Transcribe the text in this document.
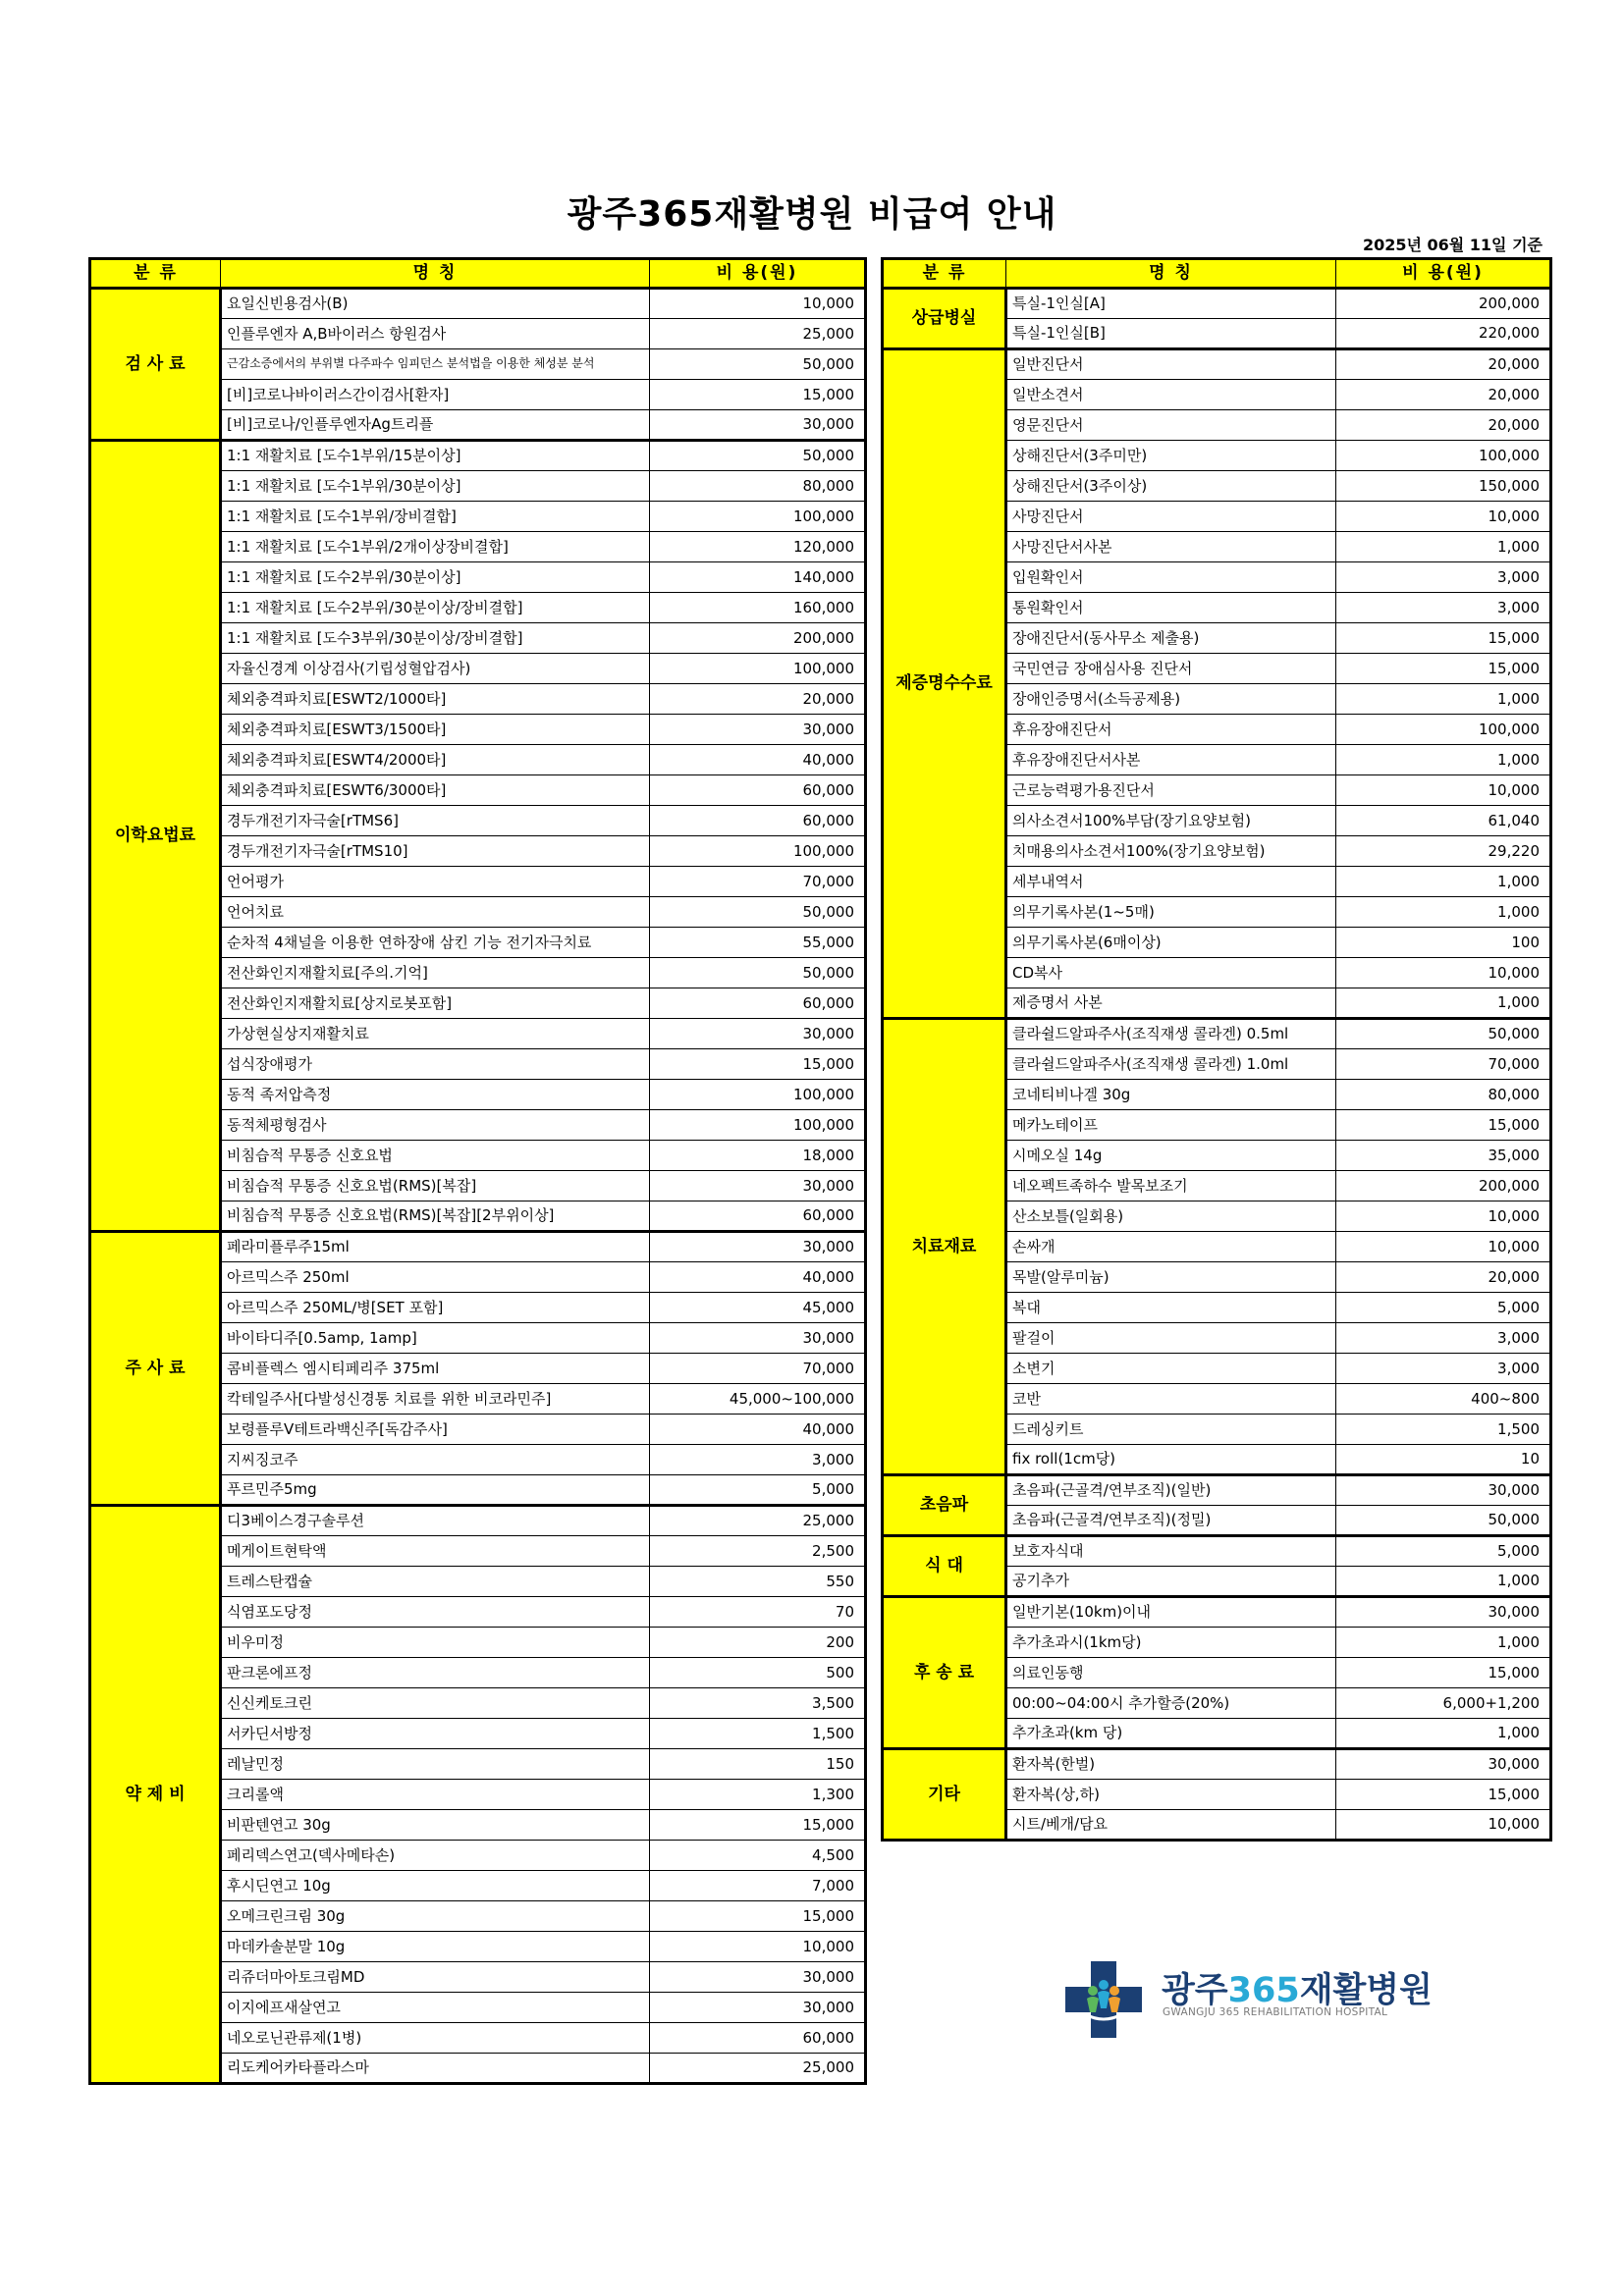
광주365재활병원 비급여 안내
2025년 06월 11일 기준
분 류	명 칭	비 용(원)
검 사 료	요일신빈용검사(B)	10,000
	인플루엔자 A,B바이러스 항원검사	25,000
	근감소증에서의 부위별 다주파수 임피던스 분석법을 이용한 체성분 분석	50,000
	[비]코로나바이러스간이검사[환자]	15,000
	[비]코로나/인플루엔자Ag트리플	30,000
이학요법료	1:1 재활치료 [도수1부위/15분이상]	50,000
	1:1 재활치료 [도수1부위/30분이상]	80,000
	1:1 재활치료 [도수1부위/장비결합]	100,000
	1:1 재활치료 [도수1부위/2개이상장비결합]	120,000
	1:1 재활치료 [도수2부위/30분이상]	140,000
	1:1 재활치료 [도수2부위/30분이상/장비결합]	160,000
	1:1 재활치료 [도수3부위/30분이상/장비결합]	200,000
	자율신경계 이상검사(기립성혈압검사)	100,000
	체외충격파치료[ESWT2/1000타]	20,000
	체외충격파치료[ESWT3/1500타]	30,000
	체외충격파치료[ESWT4/2000타]	40,000
	체외충격파치료[ESWT6/3000타]	60,000
	경두개전기자극술[rTMS6]	60,000
	경두개전기자극술[rTMS10]	100,000
	언어평가	70,000
	언어치료	50,000
	순차적 4채널을 이용한 연하장애 삼킨 기능 전기자극치료	55,000
	전산화인지재활치료[주의.기억]	50,000
	전산화인지재활치료[상지로봇포함]	60,000
	가상현실상지재활치료	30,000
	섭식장애평가	15,000
	동적 족저압측정	100,000
	동적체평형검사	100,000
	비침습적 무통증 신호요법	18,000
	비침습적 무통증 신호요법(RMS)[복잡]	30,000
	비침습적 무통증 신호요법(RMS)[복잡][2부위이상]	60,000
주 사 료	페라미플루주15ml	30,000
	아르믹스주 250ml	40,000
	아르믹스주 250ML/병[SET 포함]	45,000
	바이타디주[0.5amp, 1amp]	30,000
	콤비플렉스 엠시티페리주 375ml	70,000
	칵테일주사[다발성신경통 치료를 위한 비코라민주]	45,000~100,000
	보령플루V테트라백신주[독감주사]	40,000
	지씨징코주	3,000
	푸르민주5mg	5,000
약 제 비	디3베이스경구솔루션	25,000
	메게이트현탁액	2,500
	트레스탄캡슐	550
	식염포도당정	70
	비우미정	200
	판크론에프정	500
	신신케토크린	3,500
	서카딘서방정	1,500
	레날민정	150
	크리롤액	1,300
	비판텐연고 30g	15,000
	페리덱스연고(덱사메타손)	4,500
	후시딘연고 10g	7,000
	오메크린크림 30g	15,000
	마데카솔분말 10g	10,000
	리쥬더마아토크림MD	30,000
	이지에프새살연고	30,000
	네오로닌관류제(1병)	60,000
	리도케어카타플라스마	25,000
분 류	명 칭	비 용(원)
상급병실	특실-1인실[A]	200,000
	특실-1인실[B]	220,000
제증명수수료	일반진단서	20,000
	일반소견서	20,000
	영문진단서	20,000
	상해진단서(3주미만)	100,000
	상해진단서(3주이상)	150,000
	사망진단서	10,000
	사망진단서사본	1,000
	입원확인서	3,000
	통원확인서	3,000
	장애진단서(동사무소 제출용)	15,000
	국민연금 장애심사용 진단서	15,000
	장애인증명서(소득공제용)	1,000
	후유장애진단서	100,000
	후유장애진단서사본	1,000
	근로능력평가용진단서	10,000
	의사소견서100%부담(장기요양보험)	61,040
	치매용의사소견서100%(장기요양보험)	29,220
	세부내역서	1,000
	의무기록사본(1~5매)	1,000
	의무기록사본(6매이상)	100
	CD복사	10,000
	제증명서 사본	1,000
치료재료	클라쉴드알파주사(조직재생 콜라겐) 0.5ml	50,000
	클라쉴드알파주사(조직재생 콜라겐) 1.0ml	70,000
	코네티비나겔 30g	80,000
	메카노테이프	15,000
	시메오실 14g	35,000
	네오펙트족하수 발목보조기	200,000
	산소보틀(일회용)	10,000
	손싸개	10,000
	목발(알루미늄)	20,000
	복대	5,000
	팔걸이	3,000
	소변기	3,000
	코반	400~800
	드레싱키트	1,500
	fix roll(1cm당)	10
초음파	초음파(근골격/연부조직)(일반)	30,000
	초음파(근골격/연부조직)(정밀)	50,000
식 대	보호자식대	5,000
	공기추가	1,000
후 송 료	일반기본(10km)이내	30,000
	추가초과시(1km당)	1,000
	의료인동행	15,000
	00:00~04:00시 추가할증(20%)	6,000+1,200
	추가초과(km 당)	1,000
기타	환자복(한벌)	30,000
	환자복(상,하)	15,000
	시트/베개/담요	10,000
광주365재활병원
GWANGJU 365 REHABILITATION HOSPITAL
